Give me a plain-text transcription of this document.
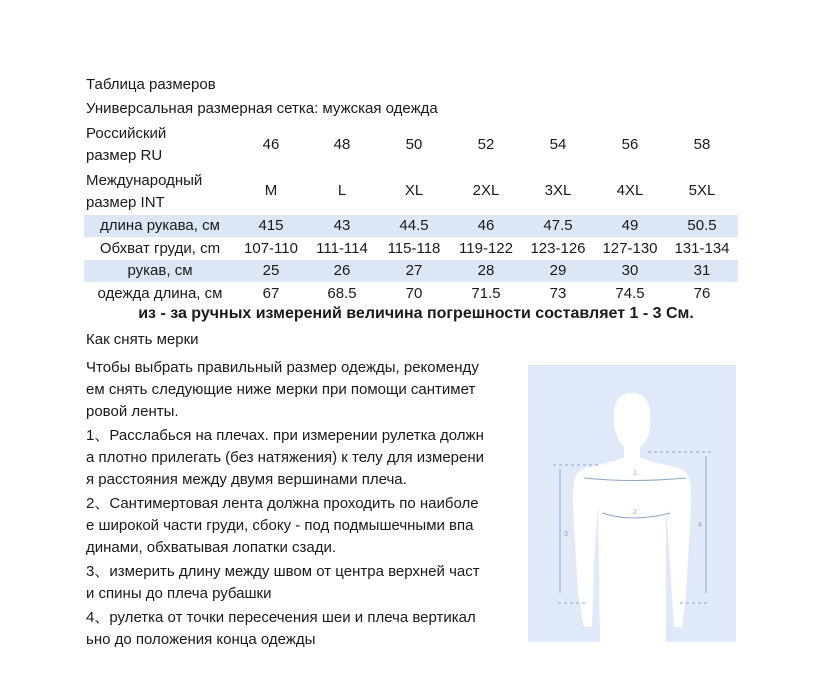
Таблица размеров
Универсальная размерная сетка: мужская одежда
Российский
размер RU
46	48	50	52	54	56	58
Международный
размер INT
M	L	XL	2XL	3XL	4XL	5XL
длина рукава, см	415	43	44.5	46	47.5	49	50.5
Обхват груди, cm	107-110	111-114	115-118	119-122	123-126	127-130	131-134
рукав, см	25	26	27	28	29	30	31
одежда длина, см	67	68.5	70	71.5	73	74.5	76
из - за ручных измерений величина погрешности составляет 1 - 3 См.
Как снять мерки
Чтобы выбрать правильный размер одежды, рекоменду
ем снять следующие ниже мерки при помощи сантимет
ровой ленты.
1、Расслабься на плечах. при измерении рулетка должн
а плотно прилегать (без натяжения) к телу для измерени
я расстояния между двумя вершинами плеча.
2、Сантимертовая лента должна проходить по наиболе
е широкой части груди, сбоку - под подмышечными впа
динами, обхватывая лопатки сзади.
3、измерить длину между швом от центра верхней част
и спины до плеча рубашки
4、рулетка от точки пересечения шеи и плеча вертикал
ьно до положения конца одежды
1
2
3
4
